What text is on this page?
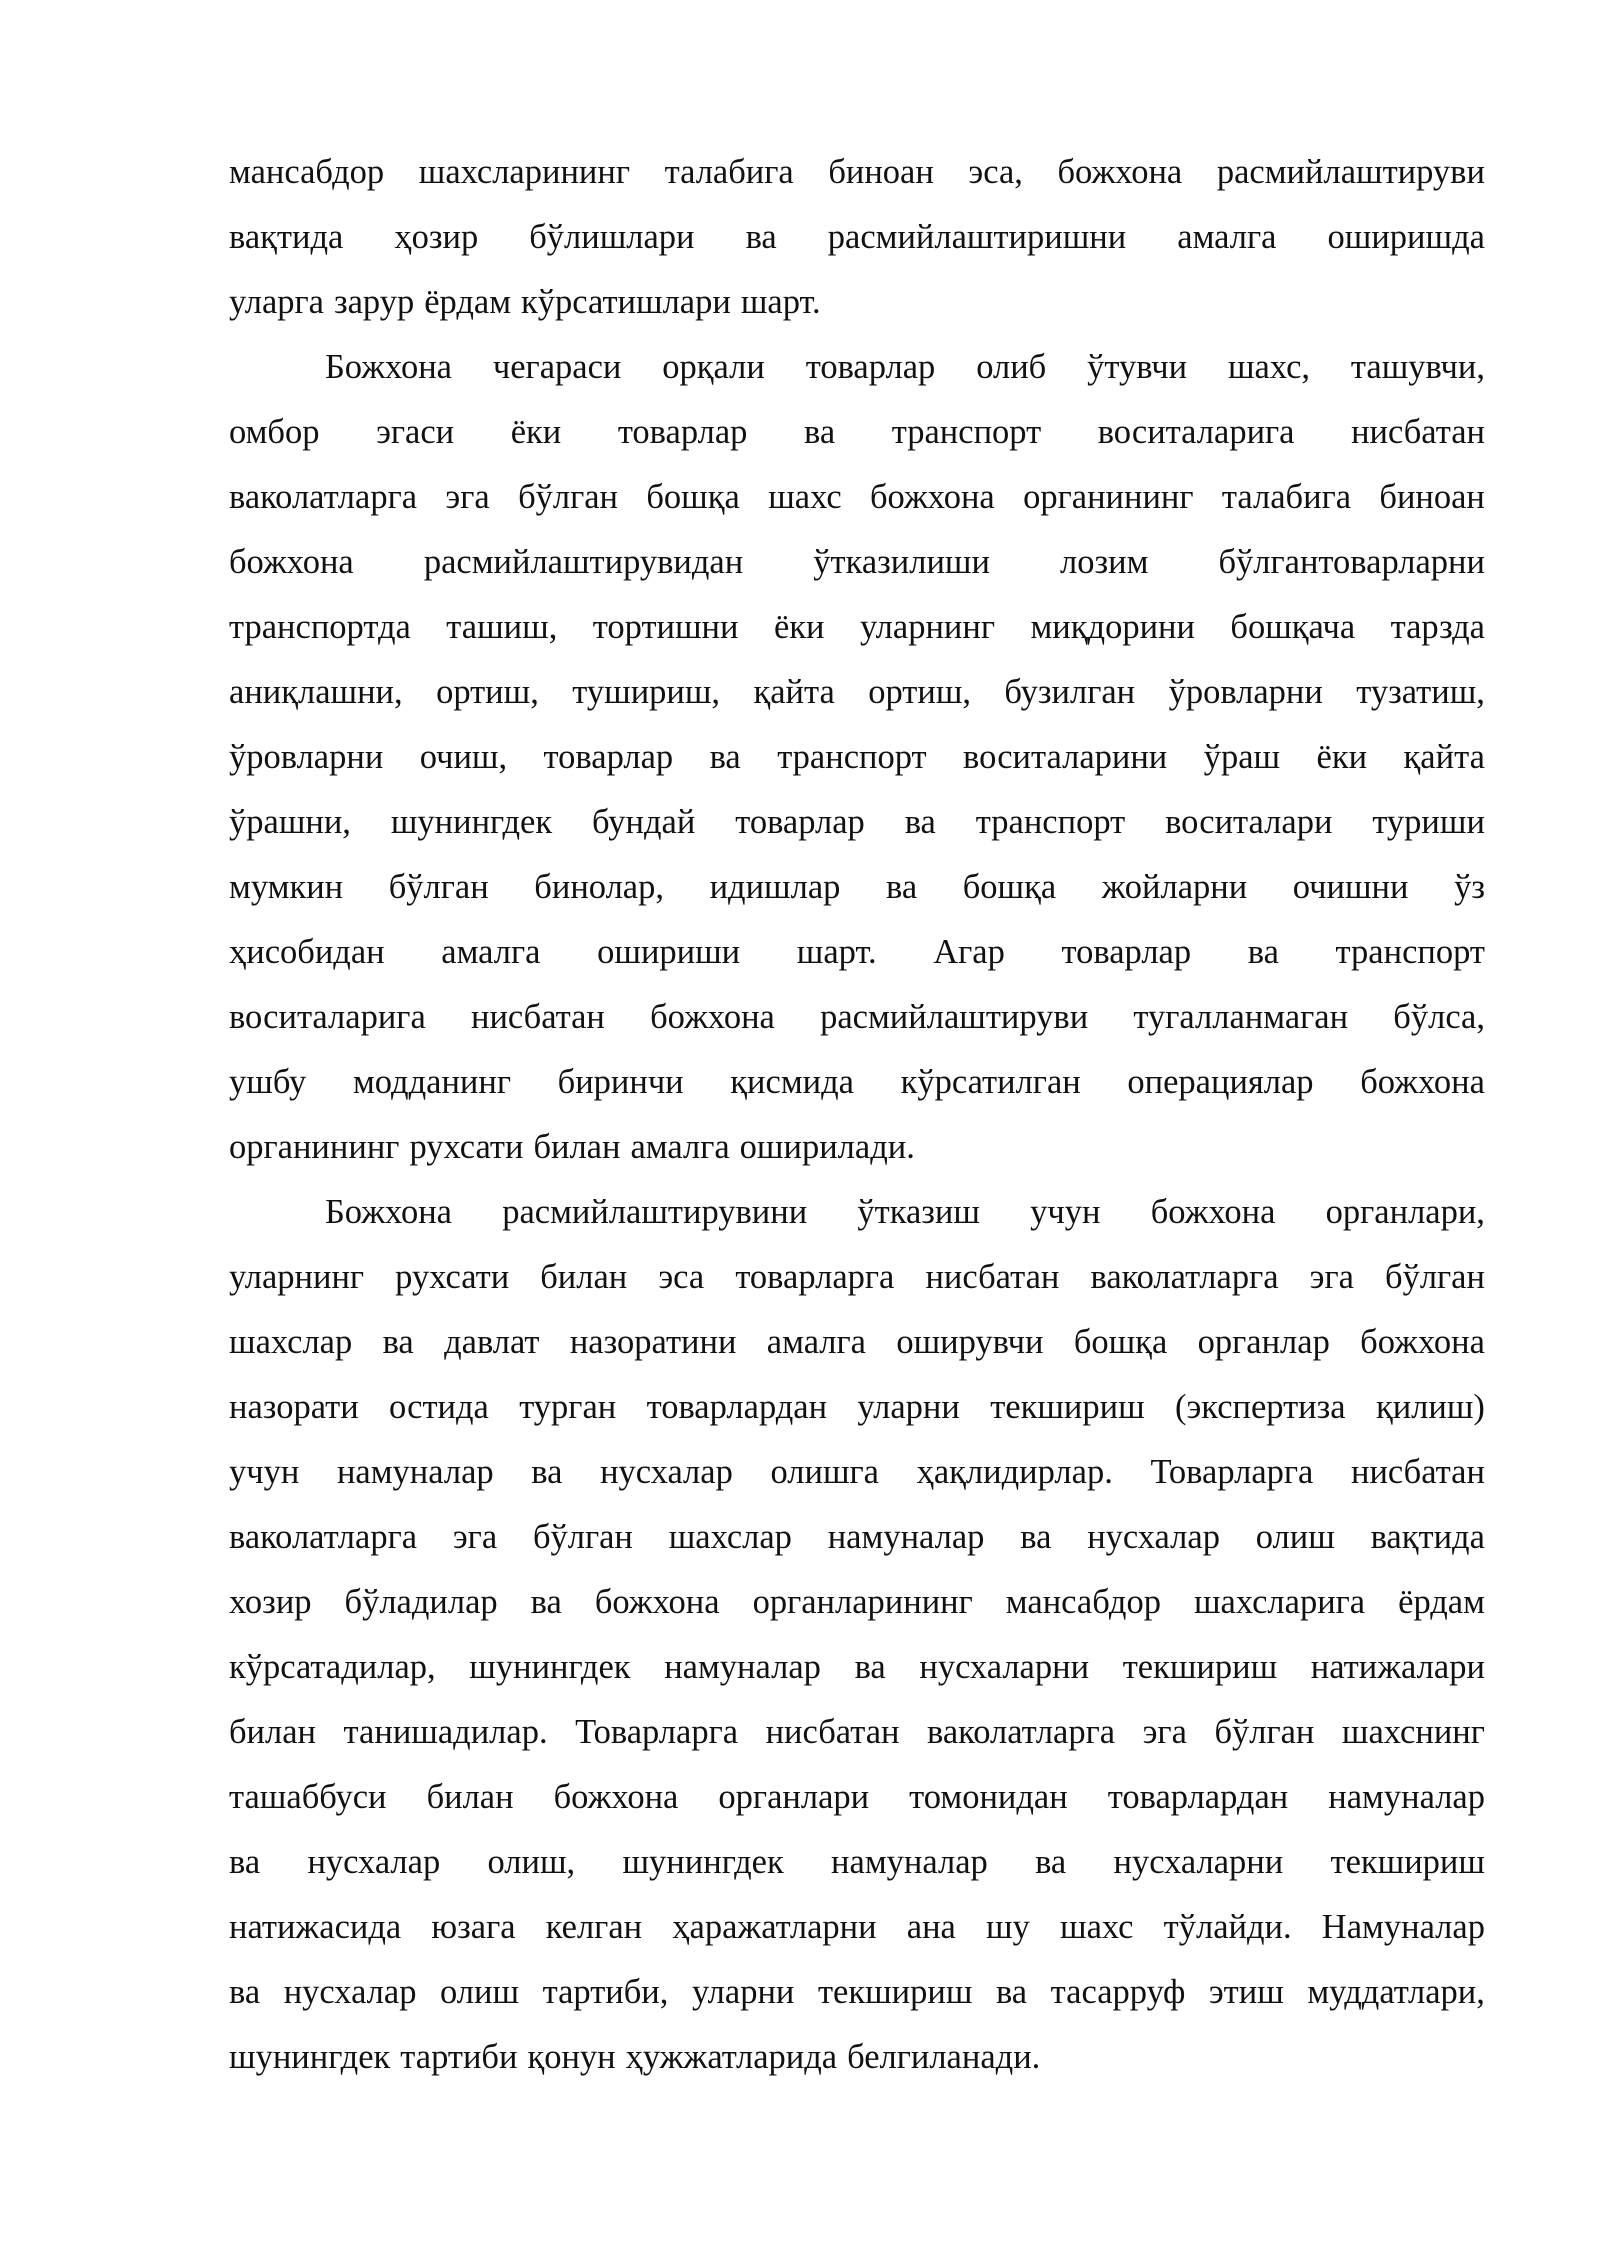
мансабдор шахсларининг талабига биноан эса, божхона расмийлаштируви
вақтида ҳозир бўлишлари ва расмийлаштиришни амалга оширишда
уларга зарур ёрдам кўрсатишлари шарт.
Божхона чегараси орқали товарлар олиб ўтувчи шахс, ташувчи,
омбор эгаси ёки товарлар ва транспорт воситаларига нисбатан
ваколатларга эга бўлган бошқа шахс божхона органининг талабига биноан
божхона расмийлаштирувидан ўтказилиши лозим бўлгантоварларни
транспортда ташиш, тортишни ёки уларнинг миқдорини бошқача тарзда
аниқлашни, ортиш, тушириш, қайта ортиш, бузилган ўровларни тузатиш,
ўровларни очиш, товарлар ва транспорт воситаларини ўраш ёки қайта
ўрашни, шунингдек бундай товарлар ва транспорт воситалари туриши
мумкин бўлган бинолар, идишлар ва бошқа жойларни очишни ўз
ҳисобидан амалга ошириши шарт. Агар товарлар ва транспорт
воситаларига нисбатан божхона расмийлаштируви тугалланмаган бўлса,
ушбу модданинг биринчи қисмида кўрсатилган операциялар божхона
органининг рухсати билан амалга оширилади.
Божхона расмийлаштирувини ўтказиш учун божхона органлари,
уларнинг рухсати билан эса товарларга нисбатан ваколатларга эга бўлган
шахслар ва давлат назоратини амалга оширувчи бошқа органлар божхона
назорати остида турган товарлардан уларни текшириш (экспертиза қилиш)
учун намуналар ва нусхалар олишга ҳақлидирлар. Товарларга нисбатан
ваколатларга эга бўлган шахслар намуналар ва нусхалар олиш вақтида
хозир бўладилар ва божхона органларининг мансабдор шахсларига ёрдам
кўрсатадилар, шунингдек намуналар ва нусхаларни текшириш натижалари
билан танишадилар. Товарларга нисбатан ваколатларга эга бўлган шахснинг
ташаббуси билан божхона органлари томонидан товарлардан намуналар
ва нусхалар олиш, шунингдек намуналар ва нусхаларни текшириш
натижасида юзага келган ҳаражатларни ана шу шахс тўлайди. Намуналар
ва нусхалар олиш тартиби, уларни текшириш ва тасарруф этиш муддатлари,
шунингдек тартиби қонун ҳужжатларида белгиланади.
